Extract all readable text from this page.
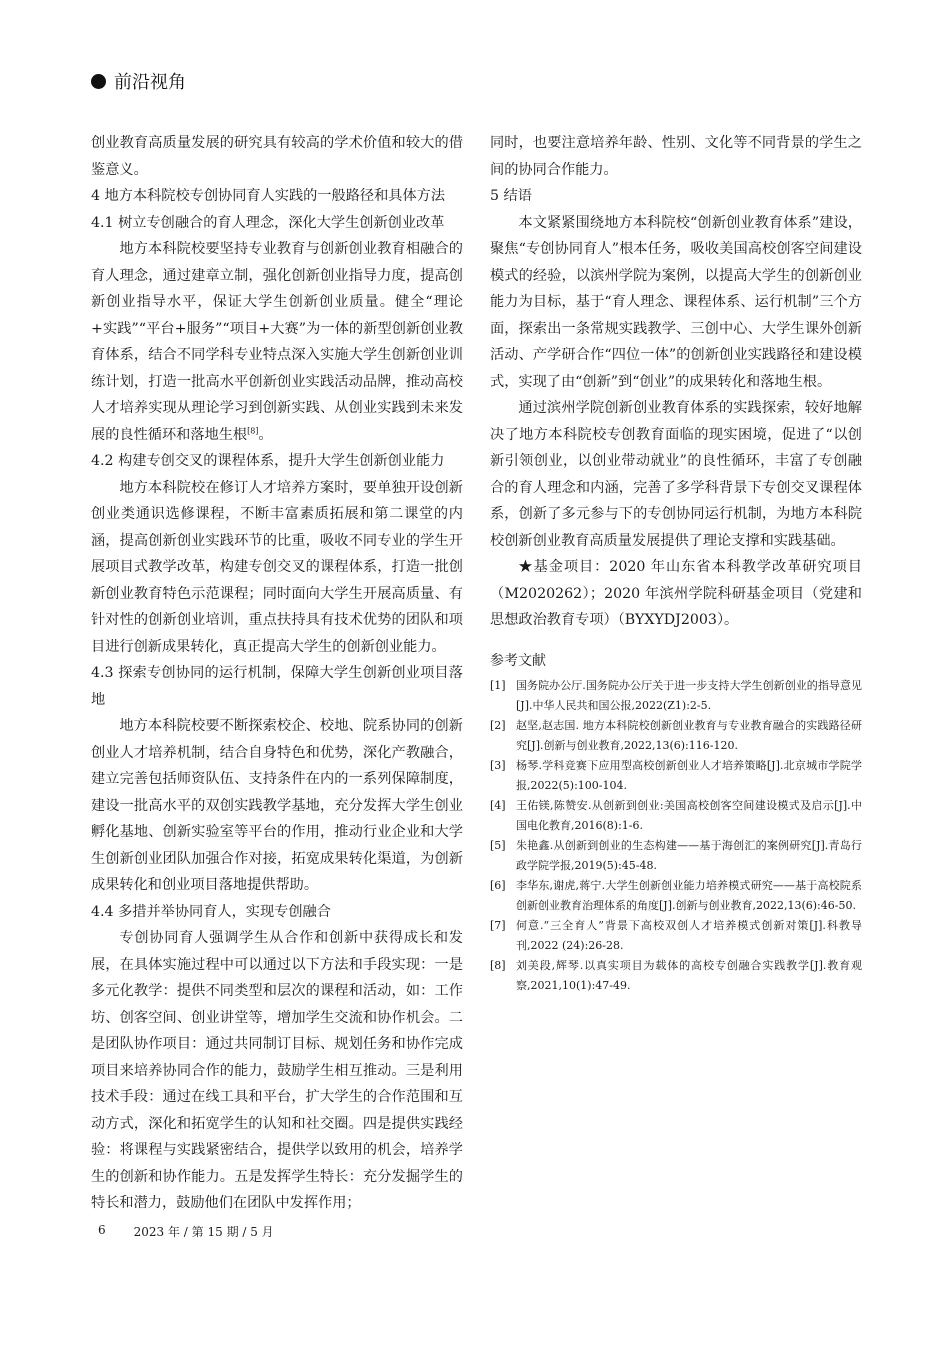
前沿视角

创业教育高质量发展的研究具有较高的学术价值和较大的借鉴意义。

4 地方本科院校专创协同育人实践的一般路径和具体方法

4.1 树立专创融合的育人理念，深化大学生创新创业改革

地方本科院校要坚持专业教育与创新创业教育相融合的育人理念，通过建章立制，强化创新创业指导力度，提高创新创业指导水平，保证大学生创新创业质量。健全“理论+实践”“平台+服务”“项目+大赛”为一体的新型创新创业教育体系，结合不同学科专业特点深入实施大学生创新创业训练计划，打造一批高水平创新创业实践活动品牌，推动高校人才培养实现从理论学习到创新实践、从创业实践到未来发展的良性循环和落地生根[8]。

4.2 构建专创交叉的课程体系，提升大学生创新创业能力

地方本科院校在修订人才培养方案时，要单独开设创新创业类通识选修课程，不断丰富素质拓展和第二课堂的内涵，提高创新创业实践环节的比重，吸收不同专业的学生开展项目式教学改革，构建专创交叉的课程体系，打造一批创新创业教育特色示范课程；同时面向大学生开展高质量、有针对性的创新创业培训，重点扶持具有技术优势的团队和项目进行创新成果转化，真正提高大学生的创新创业能力。

4.3 探索专创协同的运行机制，保障大学生创新创业项目落地

地方本科院校要不断探索校企、校地、院系协同的创新创业人才培养机制，结合自身特色和优势，深化产教融合，建立完善包括师资队伍、支持条件在内的一系列保障制度，建设一批高水平的双创实践教学基地，充分发挥大学生创业孵化基地、创新实验室等平台的作用，推动行业企业和大学生创新创业团队加强合作对接，拓宽成果转化渠道，为创新成果转化和创业项目落地提供帮助。

4.4 多措并举协同育人，实现专创融合

专创协同育人强调学生从合作和创新中获得成长和发展，在具体实施过程中可以通过以下方法和手段实现：一是多元化教学：提供不同类型和层次的课程和活动，如：工作坊、创客空间、创业讲堂等，增加学生交流和协作机会。二是团队协作项目：通过共同制订目标、规划任务和协作完成项目来培养协同合作的能力，鼓励学生相互推动。三是利用技术手段：通过在线工具和平台，扩大学生的合作范围和互动方式，深化和拓宽学生的认知和社交圈。四是提供实践经验：将课程与实践紧密结合，提供学以致用的机会，培养学生的创新和协作能力。五是发挥学生特长：充分发掘学生的特长和潜力，鼓励他们在团队中发挥作用；

同时，也要注意培养年龄、性别、文化等不同背景的学生之间的协同合作能力。

5 结语

本文紧紧围绕地方本科院校“创新创业教育体系”建设，聚焦“专创协同育人”根本任务，吸收美国高校创客空间建设模式的经验，以滨州学院为案例，以提高大学生的创新创业能力为目标，基于“育人理念、课程体系、运行机制”三个方面，探索出一条常规实践教学、三创中心、大学生课外创新活动、产学研合作“四位一体”的创新创业实践路径和建设模式，实现了由“创新”到“创业”的成果转化和落地生根。

通过滨州学院创新创业教育体系的实践探索，较好地解决了地方本科院校专创教育面临的现实困境，促进了“以创新引领创业，以创业带动就业”的良性循环，丰富了专创融合的育人理念和内涵，完善了多学科背景下专创交叉课程体系，创新了多元参与下的专创协同运行机制，为地方本科院校创新创业教育高质量发展提供了理论支撑和实践基础。

★基金项目：2020 年山东省本科教学改革研究项目（M2020262）；2020 年滨州学院科研基金项目（党建和思想政治教育专项）（BYXYDJ2003）。

参考文献

[1] 国务院办公厅.国务院办公厅关于进一步支持大学生创新创业的指导意见[J].中华人民共和国公报,2022(Z1):2-5.
[2] 赵坚,赵志国. 地方本科院校创新创业教育与专业教育融合的实践路径研究[J].创新与创业教育,2022,13(6):116-120.
[3] 杨琴.学科竞赛下应用型高校创新创业人才培养策略[J].北京城市学院学报,2022(5):100-104.
[4] 王佑镁,陈赞安.从创新到创业:美国高校创客空间建设模式及启示[J].中国电化教育,2016(8):1-6.
[5] 朱艳鑫.从创新到创业的生态构建——基于海创汇的案例研究[J].青岛行政学院学报,2019(5):45-48.
[6] 李华东,谢虎,蒋宁.大学生创新创业能力培养模式研究——基于高校院系创新创业教育治理体系的角度[J].创新与创业教育,2022,13(6):46-50.
[7] 何意.“三全育人”背景下高校双创人才培养模式创新对策[J].科教导刊,2022 (24):26-28.
[8] 刘美段,辉琴.以真实项目为载体的高校专创融合实践教学[J].教育观察,2021,10(1):47-49.
6 2023 年 / 第 15 期 / 5 月
